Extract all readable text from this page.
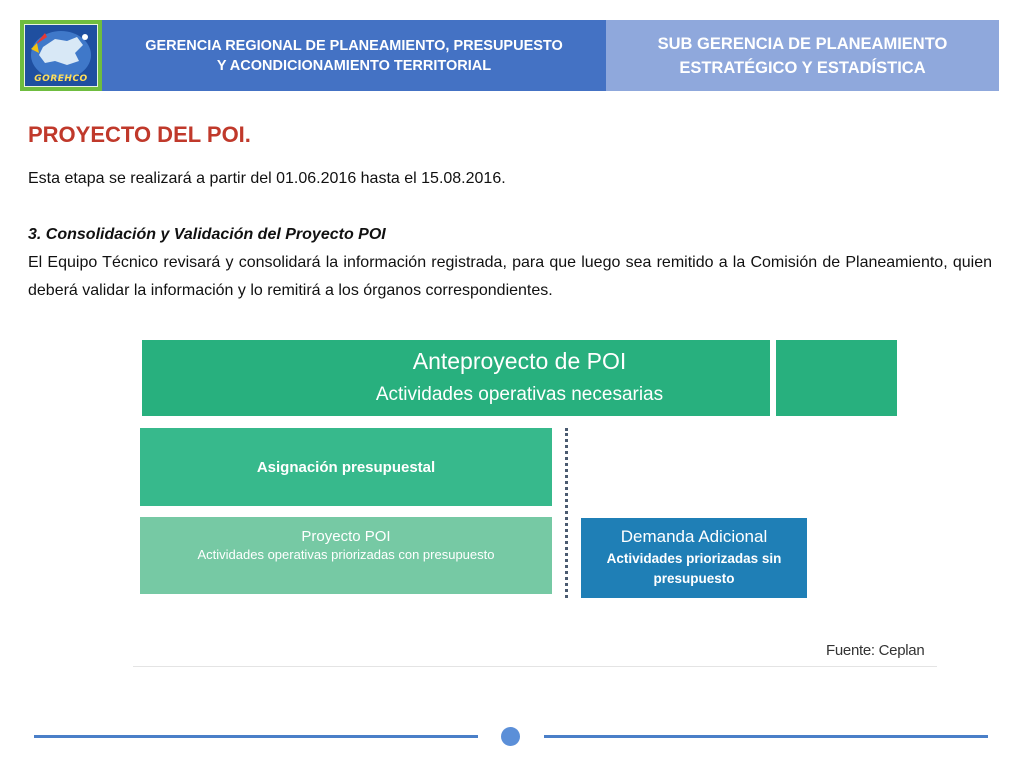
GOREHCO
GERENCIA REGIONAL DE PLANEAMIENTO, PRESUPUESTO
Y ACONDICIONAMIENTO TERRITORIAL
SUB GERENCIA DE PLANEAMIENTO
ESTRATÉGICO Y ESTADÍSTICA
PROYECTO DEL POI.
Esta etapa se realizará a partir del 01.06.2016 hasta el 15.08.2016.
3. Consolidación y Validación del Proyecto POI
El Equipo Técnico revisará y consolidará la información registrada, para que luego sea remitido a la Comisión de Planeamiento, quien deberá validar la información y lo remitirá a los órganos correspondientes.
Anteproyecto de POI
Actividades operativas necesarias
Asignación presupuestal
Proyecto POI
Actividades operativas priorizadas con presupuesto
Demanda Adicional
Actividades priorizadas sin presupuesto
Fuente: Ceplan
